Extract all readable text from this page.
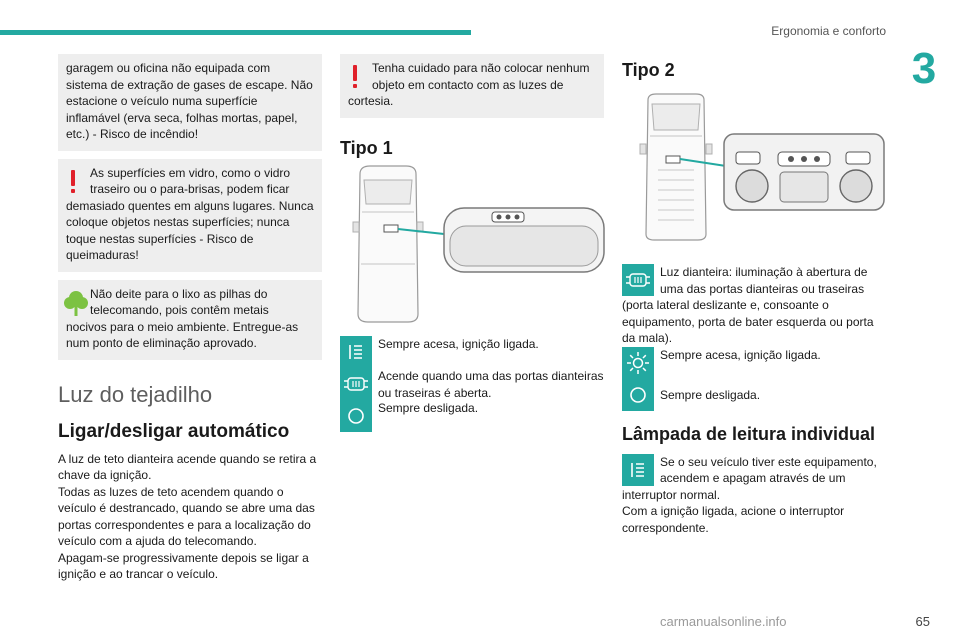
Ergonomia e conforto
3
garagem ou oficina não equipada com sistema de extração de gases de escape. Não estacione o veículo numa superfície inflamável (erva seca, folhas mortas, papel, etc.) - Risco de incêndio!
As superfícies em vidro, como o vidro traseiro ou o para-brisas, podem ficar
demasiado quentes em alguns lugares. Nunca coloque objetos nestas superfícies; nunca toque nestas superfícies - Risco de queimaduras!
Não deite para o lixo as pilhas do telecomando, pois contêm metais
nocivos para o meio ambiente. Entregue-as num ponto de eliminação aprovado.
Luz do tejadilho
Ligar/desligar automático
A luz de teto dianteira acende quando se retira a chave da ignição.
Todas as luzes de teto acendem quando o veículo é destrancado, quando se abre uma das portas correspondentes e para a localização do veículo com a ajuda do telecomando.
Apagam-se progressivamente depois se ligar a ignição e ao trancar o veículo.
Tenha cuidado para não colocar nenhum objeto em contacto com as luzes de
cortesia.
Tipo 1
Sempre acesa, ignição ligada.
Acende quando uma das portas dianteiras ou traseiras é aberta.
Sempre desligada.
Tipo 2
Luz dianteira: iluminação à abertura de uma das portas dianteiras ou traseiras
(porta lateral deslizante e, consoante o equipamento, porta de bater esquerda ou porta da mala).
Sempre acesa, ignição ligada.
Sempre desligada.
Lâmpada de leitura individual
Se o seu veículo tiver este equipamento, acendem e apagam através de um
interruptor normal.
Com a ignição ligada, acione o interruptor correspondente.
carmanualsonline.info	65
